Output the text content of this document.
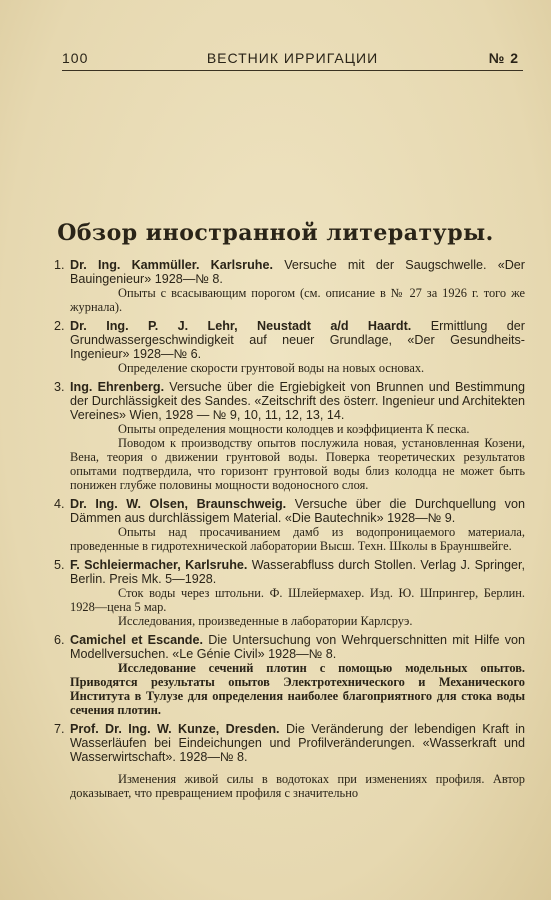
100	ВЕСТНИК ИРРИГАЦИИ	№ 2
Обзор иностранной литературы.
1. Dr. Ing. Kammüller. Karlsruhe. Versuche mit der Saugschwelle. «Der Bauingenieur» 1928—№ 8.
Опыты с всасывающим порогом (см. описание в № 27 за 1926 г. того же журнала).
2. Dr. Ing. P. J. Lehr, Neustadt a/d Haardt. Ermittlung der Grundwassergeschwindigkeit auf neuer Grundlage, «Der Gesundheits-Ingenieur» 1928—№ 6.
Определение скорости грунтовой воды на новых основах.
3. Ing. Ehrenberg. Versuche über die Ergiebigkeit von Brunnen und Bestimmung der Durchlässigkeit des Sandes. «Zeitschrift des österr. Ingenieur und Architekten Vereines» Wien, 1928 — № 9, 10, 11, 12, 13, 14.
Опыты определения мощности колодцев и коэффициента К песка.
Поводом к производству опытов послужила новая, установленная Козени, Вена, теория о движении грунтовой воды. Поверка теоретических результатов опытами подтвердила, что горизонт грунтовой воды близ колодца не может быть понижен глубже половины мощности водоносного слоя.
4. Dr. Ing. W. Olsen, Braunschweig. Versuche über die Durchquellung von Dämmen aus durchlässigem Material. «Die Bautechnik» 1928—№ 9.
Опыты над просачиванием дамб из водопроницаемого материала, проведенные в гидротехнической лаборатории Высш. Техн. Школы в Брауншвейге.
5. F. Schleiermacher, Karlsruhe. Wasserabfluss durch Stollen. Verlag J. Springer, Berlin. Preis Mk. 5—1928.
Сток воды через штольни. Ф. Шлейермахер. Изд. Ю. Шпрингер, Берлин. 1928—цена 5 мар.
Исследования, произведенные в лаборатории Карлсруэ.
6. Camichel et Escande. Die Untersuchung von Wehrquerschnitten mit Hilfe von Modellversuchen. «Le Génie Civil» 1928—№ 8.
Исследование сечений плотин с помощью модельных опытов. Приводятся результаты опытов Электротехнического и Механического Института в Тулузе для определения наиболее благоприятного для стока воды сечения плотин.
7. Prof. Dr. Ing. W. Kunze, Dresden. Die Veränderung der lebendigen Kraft in Wasserläufen bei Eindeichungen und Profilveränderungen. «Wasserkraft und Wasserwirtschaft». 1928—№ 8.
Изменения живой силы в водотоках при изменениях профиля. Автор доказывает, что превращением профиля с значительно
